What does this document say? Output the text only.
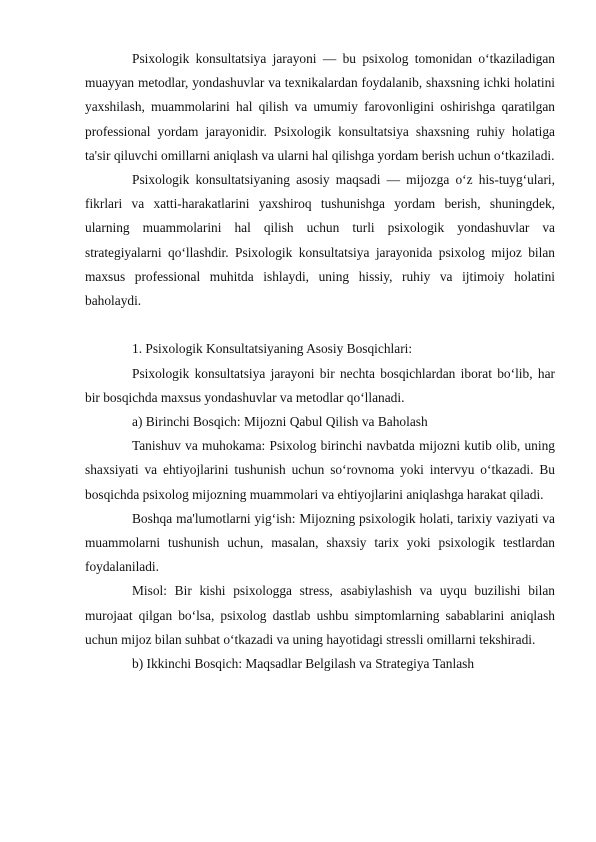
Psixologik konsultatsiya jarayoni — bu psixolog tomonidan o‘tkaziladigan muayyan metodlar, yondashuvlar va texnikalardan foydalanib, shaxsning ichki holatini yaxshilash, muammolarini hal qilish va umumiy farovonligini oshirishga qaratilgan professional yordam jarayonidir. Psixologik konsultatsiya shaxsning ruhiy holatiga ta'sir qiluvchi omillarni aniqlash va ularni hal qilishga yordam berish uchun o‘tkaziladi.

Psixologik konsultatsiyaning asosiy maqsadi — mijozga o‘z his-tuyg‘ulari, fikrlari va xatti-harakatlarini yaxshiroq tushunishga yordam berish, shuningdek, ularning muammolarini hal qilish uchun turli psixologik yondashuvlar va strategiyalarni qo‘llashdir. Psixologik konsultatsiya jarayonida psixolog mijoz bilan maxsus professional muhitda ishlaydi, uning hissiy, ruhiy va ijtimoiy holatini baholaydi.

1. Psixologik Konsultatsiyaning Asosiy Bosqichlari:

Psixologik konsultatsiya jarayoni bir nechta bosqichlardan iborat bo‘lib, har bir bosqichda maxsus yondashuvlar va metodlar qo‘llanadi.

a) Birinchi Bosqich: Mijozni Qabul Qilish va Baholash

Tanishuv va muhokama: Psixolog birinchi navbatda mijozni kutib olib, uning shaxsiyati va ehtiyojlarini tushunish uchun so‘rovnoma yoki intervyu o‘tkazadi. Bu bosqichda psixolog mijozning muammolari va ehtiyojlarini aniqlashga harakat qiladi.

Boshqa ma'lumotlarni yig‘ish: Mijozning psixologik holati, tarixiy vaziyati va muammolarni tushunish uchun, masalan, shaxsiy tarix yoki psixologik testlardan foydalaniladi.

Misol: Bir kishi psixologga stress, asabiylashish va uyqu buzilishi bilan murojaat qilgan bo‘lsa, psixolog dastlab ushbu simptomlarning sabablarini aniqlash uchun mijoz bilan suhbat o‘tkazadi va uning hayotidagi stressli omillarni tekshiradi.

b) Ikkinchi Bosqich: Maqsadlar Belgilash va Strategiya Tanlash
